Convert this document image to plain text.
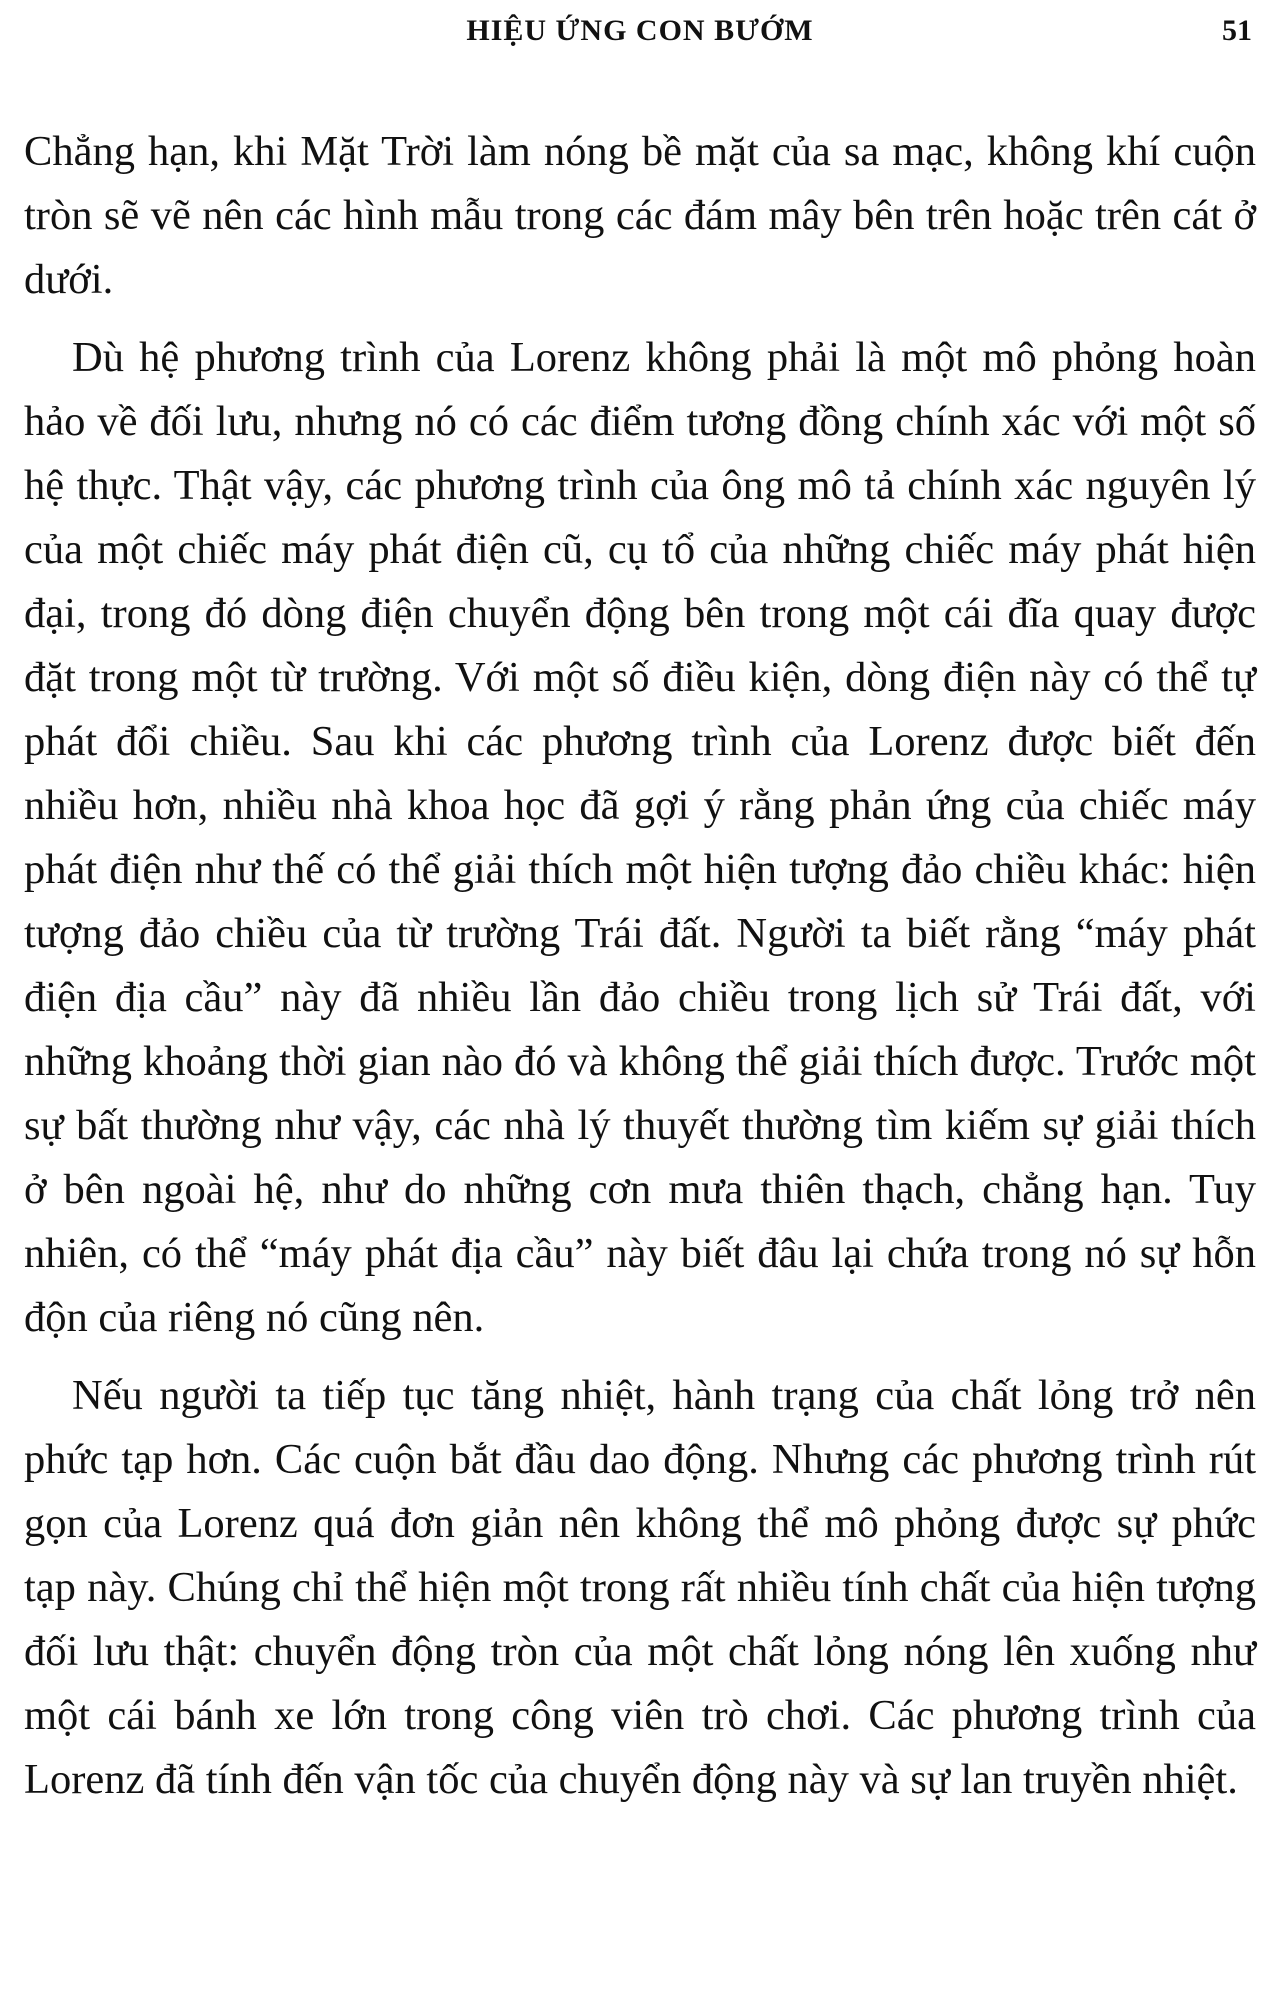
HIỆU ỨNG CON BƯỚM	51

Chẳng hạn, khi Mặt Trời làm nóng bề mặt của sa mạc, không khí cuộn tròn sẽ vẽ nên các hình mẫu trong các đám mây bên trên hoặc trên cát ở dưới.

Dù hệ phương trình của Lorenz không phải là một mô phỏng hoàn hảo về đối lưu, nhưng nó có các điểm tương đồng chính xác với một số hệ thực. Thật vậy, các phương trình của ông mô tả chính xác nguyên lý của một chiếc máy phát điện cũ, cụ tổ của những chiếc máy phát hiện đại, trong đó dòng điện chuyển động bên trong một cái đĩa quay được đặt trong một từ trường. Với một số điều kiện, dòng điện này có thể tự phát đổi chiều. Sau khi các phương trình của Lorenz được biết đến nhiều hơn, nhiều nhà khoa học đã gợi ý rằng phản ứng của chiếc máy phát điện như thế có thể giải thích một hiện tượng đảo chiều khác: hiện tượng đảo chiều của từ trường Trái đất. Người ta biết rằng “máy phát điện địa cầu” này đã nhiều lần đảo chiều trong lịch sử Trái đất, với những khoảng thời gian nào đó và không thể giải thích được. Trước một sự bất thường như vậy, các nhà lý thuyết thường tìm kiếm sự giải thích ở bên ngoài hệ, như do những cơn mưa thiên thạch, chẳng hạn. Tuy nhiên, có thể “máy phát địa cầu” này biết đâu lại chứa trong nó sự hỗn độn của riêng nó cũng nên.

Nếu người ta tiếp tục tăng nhiệt, hành trạng của chất lỏng trở nên phức tạp hơn. Các cuộn bắt đầu dao động. Nhưng các phương trình rút gọn của Lorenz quá đơn giản nên không thể mô phỏng được sự phức tạp này. Chúng chỉ thể hiện một trong rất nhiều tính chất của hiện tượng đối lưu thật: chuyển động tròn của một chất lỏng nóng lên xuống như một cái bánh xe lớn trong công viên trò chơi. Các phương trình của Lorenz đã tính đến vận tốc của chuyển động này và sự lan truyền nhiệt.
